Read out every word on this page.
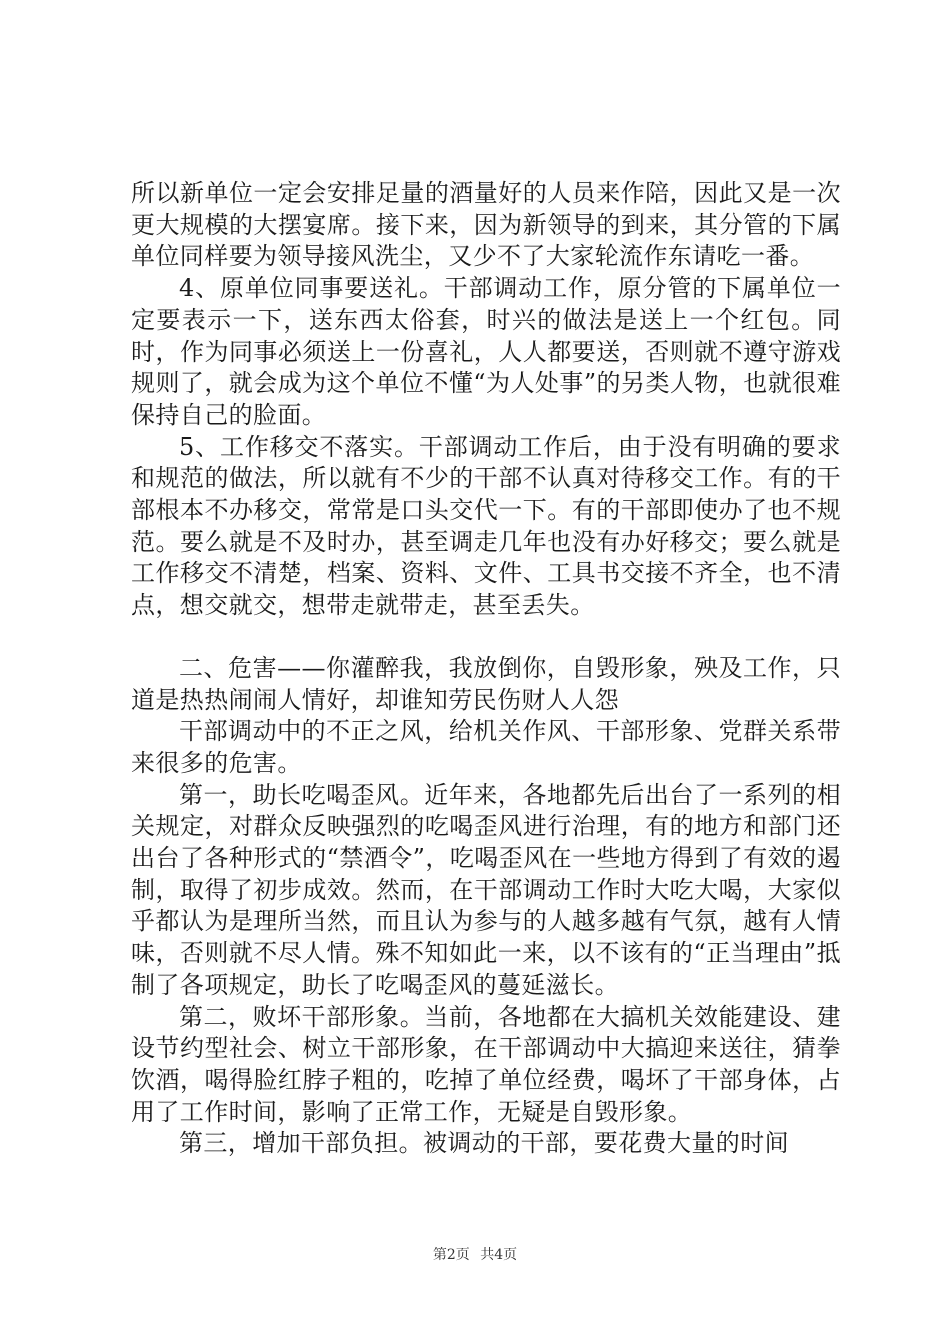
所以新单位一定会安排足量的酒量好的人员来作陪，因此又是一次更大规模的大摆宴席。接下来，因为新领导的到来，其分管的下属单位同样要为领导接风洗尘，又少不了大家轮流作东请吃一番。

4、原单位同事要送礼。干部调动工作，原分管的下属单位一定要表示一下，送东西太俗套，时兴的做法是送上一个红包。同时，作为同事必须送上一份喜礼，人人都要送，否则就不遵守游戏规则了，就会成为这个单位不懂“为人处事”的另类人物，也就很难保持自己的脸面。

5、工作移交不落实。干部调动工作后，由于没有明确的要求和规范的做法，所以就有不少的干部不认真对待移交工作。有的干部根本不办移交，常常是口头交代一下。有的干部即使办了也不规范。要么就是不及时办，甚至调走几年也没有办好移交；要么就是工作移交不清楚，档案、资料、文件、工具书交接不齐全，也不清点，想交就交，想带走就带走，甚至丢失。

二、危害——你灌醉我，我放倒你，自毁形象，殃及工作，只道是热热闹闹人情好，却谁知劳民伤财人人怨

干部调动中的不正之风，给机关作风、干部形象、党群关系带来很多的危害。

第一，助长吃喝歪风。近年来，各地都先后出台了一系列的相关规定，对群众反映强烈的吃喝歪风进行治理，有的地方和部门还出台了各种形式的“禁酒令”，吃喝歪风在一些地方得到了有效的遏制，取得了初步成效。然而，在干部调动工作时大吃大喝，大家似乎都认为是理所当然，而且认为参与的人越多越有气氛，越有人情味，否则就不尽人情。殊不知如此一来，以不该有的“正当理由”抵制了各项规定，助长了吃喝歪风的蔓延滋长。

第二，败坏干部形象。当前，各地都在大搞机关效能建设、建设节约型社会、树立干部形象，在干部调动中大搞迎来送往，猜拳饮酒，喝得脸红脖子粗的，吃掉了单位经费，喝坏了干部身体，占用了工作时间，影响了正常工作，无疑是自毁形象。

第三，增加干部负担。被调动的干部，要花费大量的时间

第2页 共4页
